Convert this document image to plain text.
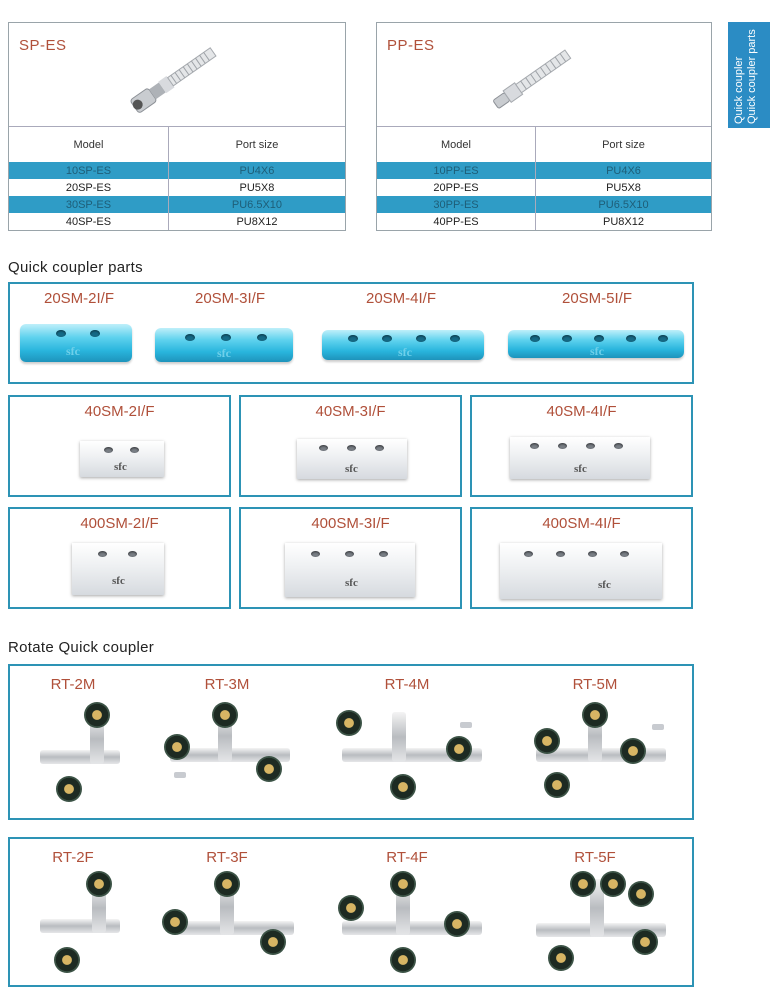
Quick coupler Quick coupler parts
SP-ES
Model	Port size
10SP-ES	PU4X6
20SP-ES	PU5X8
30SP-ES	PU6.5X10
40SP-ES	PU8X12
PP-ES
Model	Port size
10PP-ES	PU4X6
20PP-ES	PU5X8
30PP-ES	PU6.5X10
40PP-ES	PU8X12
Quick coupler parts
20SM-2I/F	20SM-3I/F	20SM-4I/F	20SM-5I/F
sfc	sfc	sfc	sfc
40SM-2I/F
sfc
40SM-3I/F
sfc
40SM-4I/F
sfc
400SM-2I/F
sfc
400SM-3I/F
sfc
400SM-4I/F
sfc
Rotate Quick coupler
RT-2M	RT-3M	RT-4M	RT-5M
RT-2F	RT-3F	RT-4F	RT-5F
